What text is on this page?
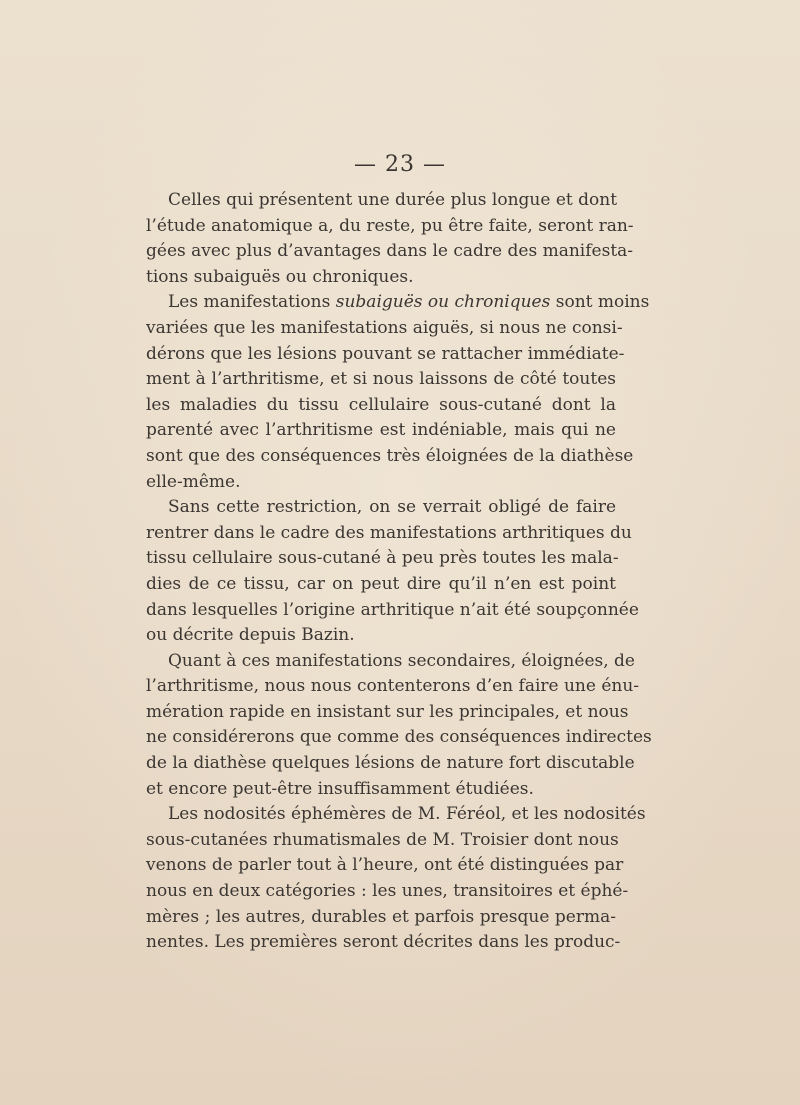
— 23 —
Celles qui présentent une durée plus longue et dont
l’étude anatomique a, du reste, pu être faite, seront ran-
gées avec plus d’avantages dans le cadre des manifesta-
tions subaiguës ou chroniques.
Les manifestations subaiguës ou chroniques sont moins
variées que les manifestations aiguës, si nous ne consi-
dérons que les lésions pouvant se rattacher immédiate-
ment à l’arthritisme, et si nous laissons de côté toutes
les maladies du tissu cellulaire sous-cutané dont la
parenté avec l’arthritisme est indéniable, mais qui ne
sont que des conséquences très éloignées de la diathèse
elle-même.
Sans cette restriction, on se verrait obligé de faire
rentrer dans le cadre des manifestations arthritiques du
tissu cellulaire sous-cutané à peu près toutes les mala-
dies de ce tissu, car on peut dire qu’il n’en est point
dans lesquelles l’origine arthritique n’ait été soupçonnée
ou décrite depuis Bazin.
Quant à ces manifestations secondaires, éloignées, de
l’arthritisme, nous nous contenterons d’en faire une énu-
mération rapide en insistant sur les principales, et nous
ne considérerons que comme des conséquences indirectes
de la diathèse quelques lésions de nature fort discutable
et encore peut-être insuffisamment étudiées.
Les nodosités éphémères de M. Féréol, et les nodosités
sous-cutanées rhumatismales de M. Troisier dont nous
venons de parler tout à l’heure, ont été distinguées par
nous en deux catégories : les unes, transitoires et éphé-
mères ; les autres, durables et parfois presque perma-
nentes. Les premières seront décrites dans les produc-
